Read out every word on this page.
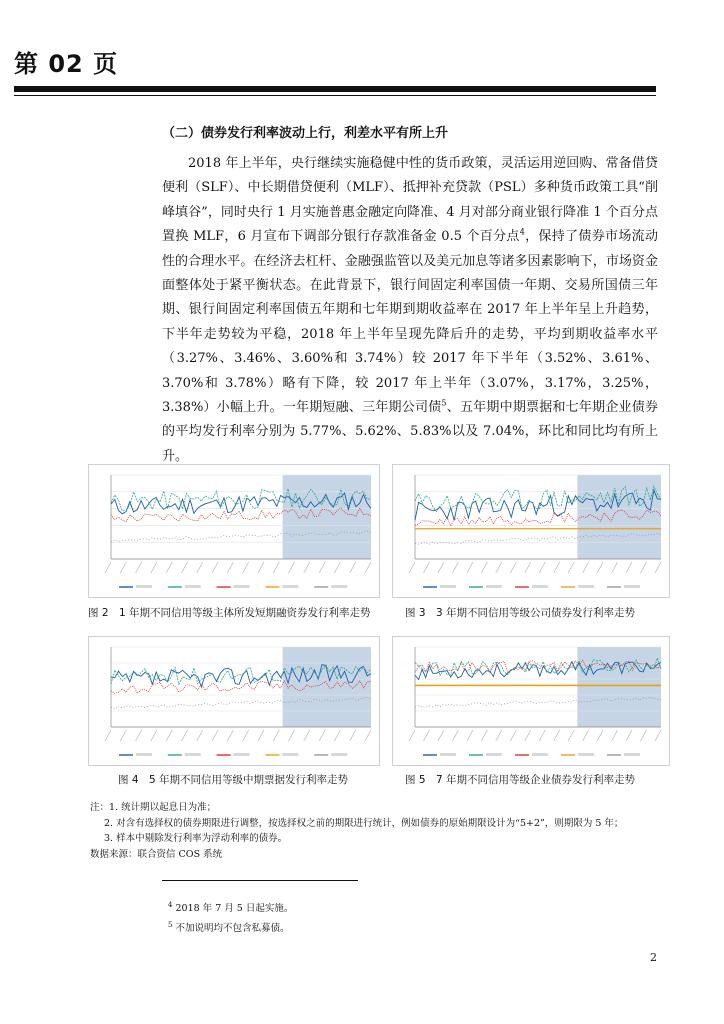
第 02 页
（二）债券发行利率波动上行，利差水平有所上升
2018 年上半年，央行继续实施稳健中性的货币政策，灵活运用逆回购、常备借贷便利（SLF）、中长期借贷便利（MLF）、抵押补充贷款（PSL）多种货币政策工具“削峰填谷”，同时央行 1 月实施普惠金融定向降准、4 月对部分商业银行降准 1 个百分点置换 MLF，6 月宣布下调部分银行存款准备金 0.5 个百分点$^4$，保持了债券市场流动性的合理水平。在经济去杠杆、金融强监管以及美元加息等诸多因素影响下，市场资金面整体处于紧平衡状态。在此背景下，银行间固定利率国债一年期、交易所国债三年期、银行间固定利率国债五年期和七年期到期收益率在 2017 年上半年呈上升趋势，下半年走势较为平稳，2018 年上半年呈现先降后升的走势，平均到期收益率水平（3.27%、3.46%、3.60%和 3.74%）较 2017 年下半年（3.52%、3.61%、3.70%和 3.78%）略有下降，较 2017 年上半年（3.07%，3.17%，3.25%，3.38%）小幅上升。一年期短融、三年期公司债$^5$、五年期中期票据和七年期企业债券的平均发行利率分别为 5.77%、5.62%、5.83%以及 7.04%，环比和同比均有所上升。
图 2　1 年期不同信用等级主体所发短期融资券发行利率走势	图 3　3 年期不同信用等级公司债券发行利率走势
图 4　5 年期不同信用等级中期票据发行利率走势	图 5　7 年期不同信用等级企业债券发行利率走势
注：1. 统计期以起息日为准；
2. 对含有选择权的债券期限进行调整，按选择权之前的期限进行统计，例如债券的原始期限设计为“5+2”，则期限为 5 年；
3. 样本中剔除发行利率为浮动利率的债券。
数据来源：联合资信 COS 系统
$^4$ 2018 年 7 月 5 日起实施。
$^5$ 不加说明均不包含私募债。
2
